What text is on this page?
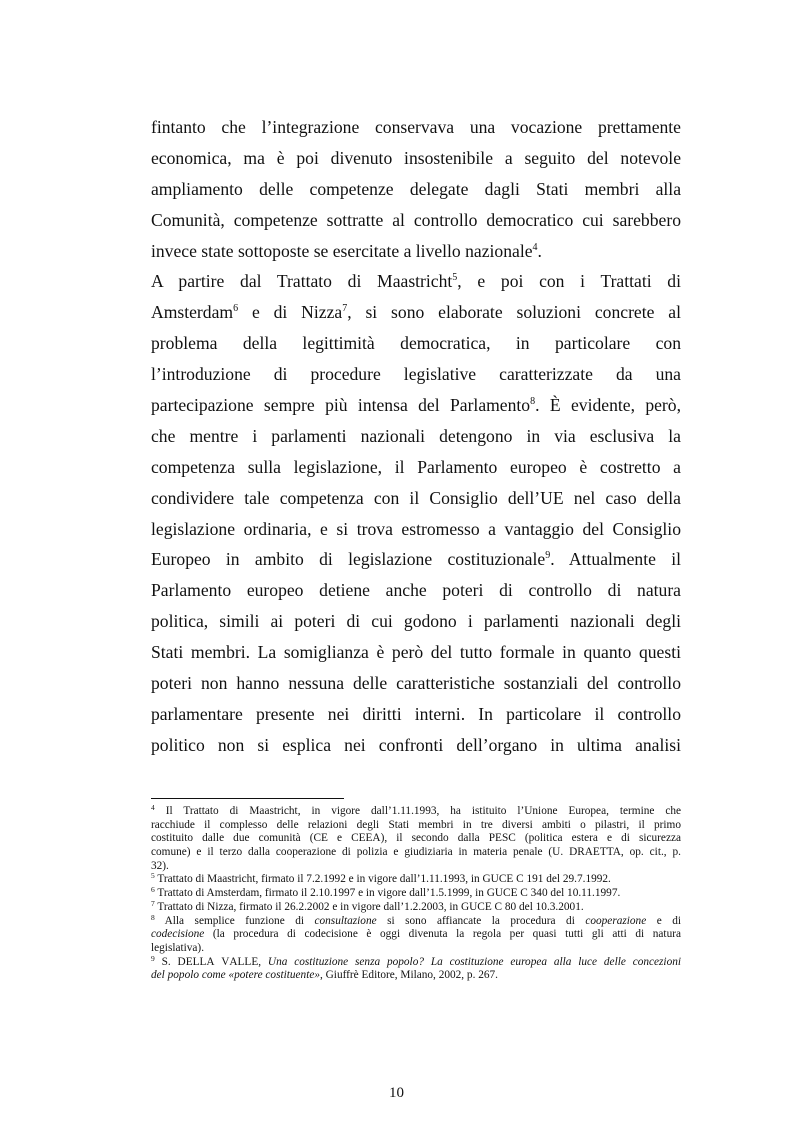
fintanto che l’integrazione conservava una vocazione prettamente
economica, ma è poi divenuto insostenibile a seguito del notevole
ampliamento delle competenze delegate dagli Stati membri alla
Comunità, competenze sottratte al controllo democratico cui sarebbero
invece state sottoposte se esercitate a livello nazionale$^4$.
A partire dal Trattato di Maastricht$^5$, e poi con i Trattati di
Amsterdam$^6$ e di Nizza$^7$, si sono elaborate soluzioni concrete al
problema della legittimità democratica, in particolare con
l’introduzione di procedure legislative caratterizzate da una
partecipazione sempre più intensa del Parlamento$^8$. È evidente, però,
che mentre i parlamenti nazionali detengono in via esclusiva la
competenza sulla legislazione, il Parlamento europeo è costretto a
condividere tale competenza con il Consiglio dell’UE nel caso della
legislazione ordinaria, e si trova estromesso a vantaggio del Consiglio
Europeo in ambito di legislazione costituzionale$^9$. Attualmente il
Parlamento europeo detiene anche poteri di controllo di natura
politica, simili ai poteri di cui godono i parlamenti nazionali degli
Stati membri. La somiglianza è però del tutto formale in quanto questi
poteri non hanno nessuna delle caratteristiche sostanziali del controllo
parlamentare presente nei diritti interni. In particolare il controllo
politico non si esplica nei confronti dell’organo in ultima analisi
$^4$ Il Trattato di Maastricht, in vigore dall’1.11.1993, ha istituito l’Unione Europea, termine che
racchiude il complesso delle relazioni degli Stati membri in tre diversi ambiti o pilastri, il primo
costituito dalle due comunità (CE e CEEA), il secondo dalla PESC (politica estera e di sicurezza
comune) e il terzo dalla cooperazione di polizia e giudiziaria in materia penale (U. DRAETTA, op. cit., p.
32).
$^5$ Trattato di Maastricht, firmato il 7.2.1992 e in vigore dall’1.11.1993, in GUCE C 191 del 29.7.1992.
$^6$ Trattato di Amsterdam, firmato il 2.10.1997 e in vigore dall’1.5.1999, in GUCE C 340 del 10.11.1997.
$^7$ Trattato di Nizza, firmato il 26.2.2002 e in vigore dall’1.2.2003, in GUCE C 80 del 10.3.2001.
$^8$ Alla semplice funzione di consultazione si sono affiancate la procedura di cooperazione e di
codecisione (la procedura di codecisione è oggi divenuta la regola per quasi tutti gli atti di natura
legislativa).
$^9$ S. DELLA VALLE, Una costituzione senza popolo? La costituzione europea alla luce delle concezioni
del popolo come «potere costituente», Giuffrè Editore, Milano, 2002, p. 267.
10
